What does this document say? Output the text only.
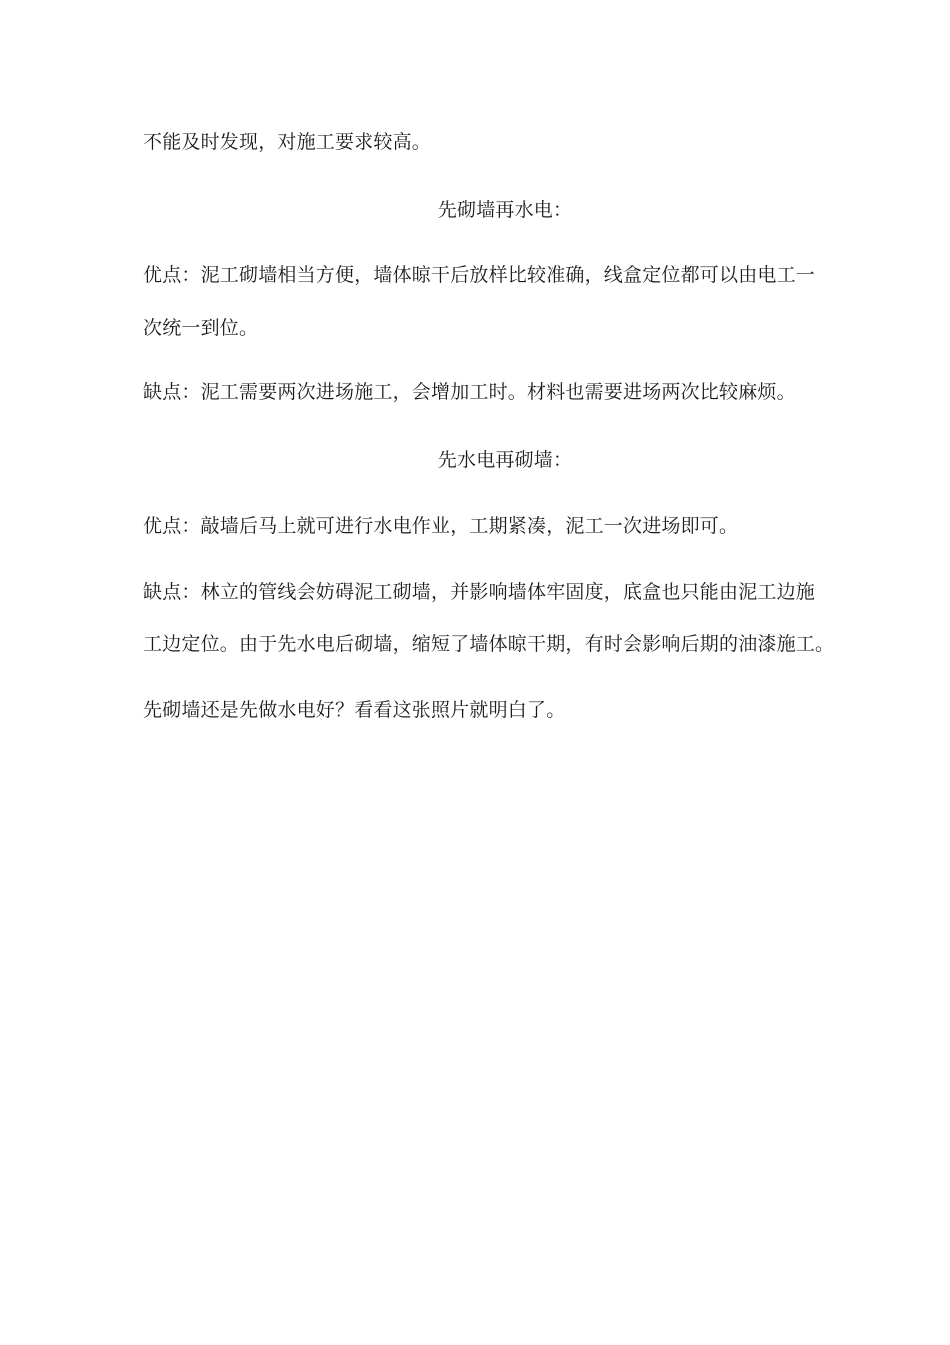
不能及时发现，对施工要求较高。
先砌墙再水电：
优点：泥工砌墙相当方便，墙体晾干后放样比较准确，线盒定位都可以由电工一
次统一到位。
缺点：泥工需要两次进场施工，会增加工时。材料也需要进场两次比较麻烦。
先水电再砌墙：
优点：敲墙后马上就可进行水电作业，工期紧凑，泥工一次进场即可。
缺点：林立的管线会妨碍泥工砌墙，并影响墙体牢固度，底盒也只能由泥工边施
工边定位。由于先水电后砌墙，缩短了墙体晾干期，有时会影响后期的油漆施工。
先砌墙还是先做水电好？看看这张照片就明白了。
